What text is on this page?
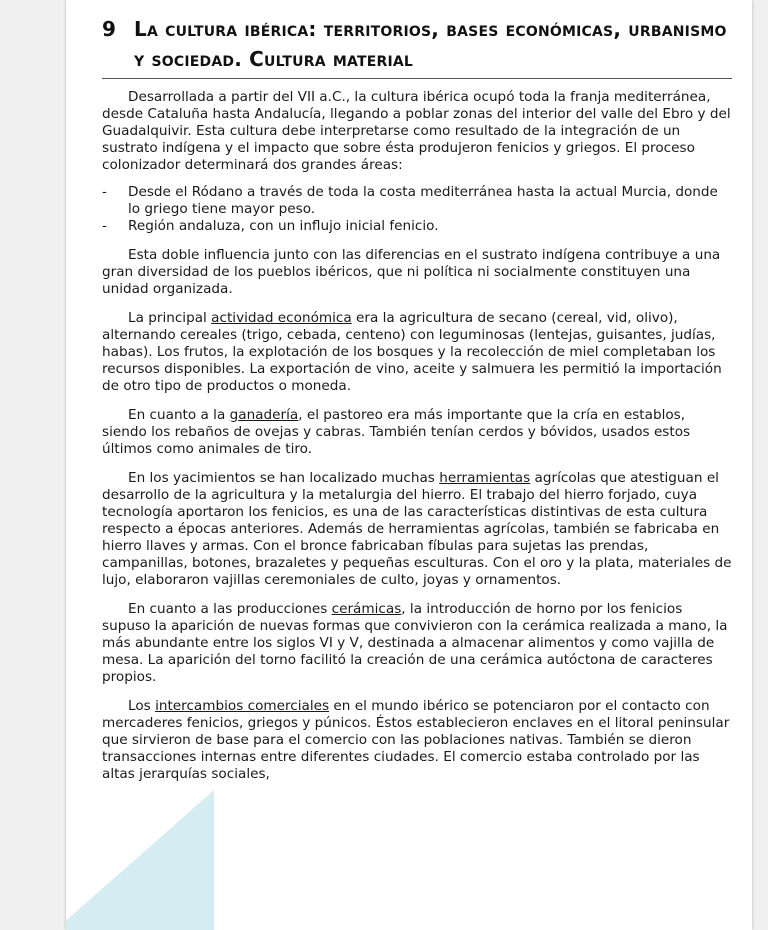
9 La cultura ibérica: territorios, bases económicas, urbanismo y sociedad. Cultura material

Desarrollada a partir del VII a.C., la cultura ibérica ocupó toda la franja mediterránea, desde Cataluña hasta Andalucía, llegando a poblar zonas del interior del valle del Ebro y del Guadalquivir. Esta cultura debe interpretarse como resultado de la integración de un sustrato indígena y el impacto que sobre ésta produjeron fenicios y griegos. El proceso colonizador determinará dos grandes áreas:

- Desde el Ródano a través de toda la costa mediterránea hasta la actual Murcia, donde lo griego tiene mayor peso.
- Región andaluza, con un influjo inicial fenicio.

Esta doble influencia junto con las diferencias en el sustrato indígena contribuye a una gran diversidad de los pueblos ibéricos, que ni política ni socialmente constituyen una unidad organizada.

La principal actividad económica era la agricultura de secano (cereal, vid, olivo), alternando cereales (trigo, cebada, centeno) con leguminosas (lentejas, guisantes, judías, habas). Los frutos, la explotación de los bosques y la recolección de miel completaban los recursos disponibles. La exportación de vino, aceite y salmuera les permitió la importación de otro tipo de productos o moneda.

En cuanto a la ganadería, el pastoreo era más importante que la cría en establos, siendo los rebaños de ovejas y cabras. También tenían cerdos y bóvidos, usados estos últimos como animales de tiro.

En los yacimientos se han localizado muchas herramientas agrícolas que atestiguan el desarrollo de la agricultura y la metalurgia del hierro. El trabajo del hierro forjado, cuya tecnología aportaron los fenicios, es una de las características distintivas de esta cultura respecto a épocas anteriores. Además de herramientas agrícolas, también se fabricaba en hierro llaves y armas. Con el bronce fabricaban fíbulas para sujetas las prendas, campanillas, botones, brazaletes y pequeñas esculturas. Con el oro y la plata, materiales de lujo, elaboraron vajillas ceremoniales de culto, joyas y ornamentos.

En cuanto a las producciones cerámicas, la introducción de horno por los fenicios supuso la aparición de nuevas formas que convivieron con la cerámica realizada a mano, la más abundante entre los siglos VI y V, destinada a almacenar alimentos y como vajilla de mesa. La aparición del torno facilitó la creación de una cerámica autóctona de caracteres propios.

Los intercambios comerciales en el mundo ibérico se potenciaron por el contacto con mercaderes fenicios, griegos y púnicos. Éstos establecieron enclaves en el litoral peninsular que sirvieron de base para el comercio con las poblaciones nativas. También se dieron transacciones internas entre diferentes ciudades. El comercio estaba controlado por las altas jerarquías sociales,
